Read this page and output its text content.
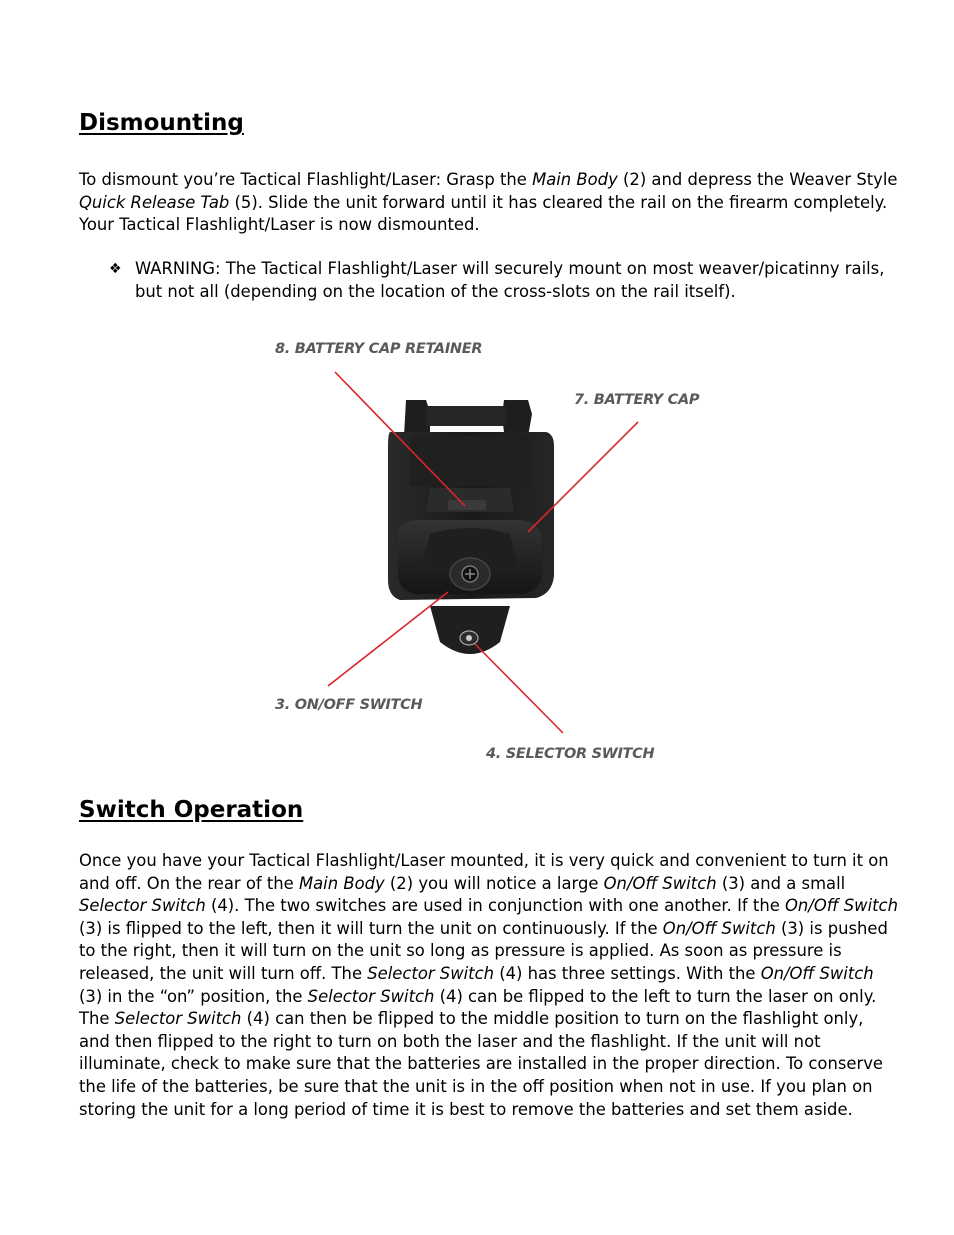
Dismounting

To dismount you’re Tactical Flashlight/Laser: Grasp the Main Body (2) and depress the Weaver Style Quick Release Tab (5). Slide the unit forward until it has cleared the rail on the firearm completely. Your Tactical Flashlight/Laser is now dismounted.

❖ WARNING: The Tactical Flashlight/Laser will securely mount on most weaver/picatinny rails, but not all (depending on the location of the cross-slots on the rail itself).
Switch Operation

Once you have your Tactical Flashlight/Laser mounted, it is very quick and convenient to turn it on and off. On the rear of the Main Body (2) you will notice a large On/Off Switch (3) and a small Selector Switch (4). The two switches are used in conjunction with one another. If the On/Off Switch (3) is flipped to the left, then it will turn the unit on continuously. If the On/Off Switch (3) is pushed to the right, then it will turn on the unit so long as pressure is applied. As soon as pressure is released, the unit will turn off. The Selector Switch (4) has three settings. With the On/Off Switch (3) in the “on” position, the Selector Switch (4) can be flipped to the left to turn the laser on only. The Selector Switch (4) can then be flipped to the middle position to turn on the flashlight only, and then flipped to the right to turn on both the laser and the flashlight. If the unit will not illuminate, check to make sure that the batteries are installed in the proper direction. To conserve the life of the batteries, be sure that the unit is in the off position when not in use. If you plan on storing the unit for a long period of time it is best to remove the batteries and set them aside.

8. BATTERY CAP RETAINER
7. BATTERY CAP
3. ON/OFF SWITCH
4. SELECTOR SWITCH
